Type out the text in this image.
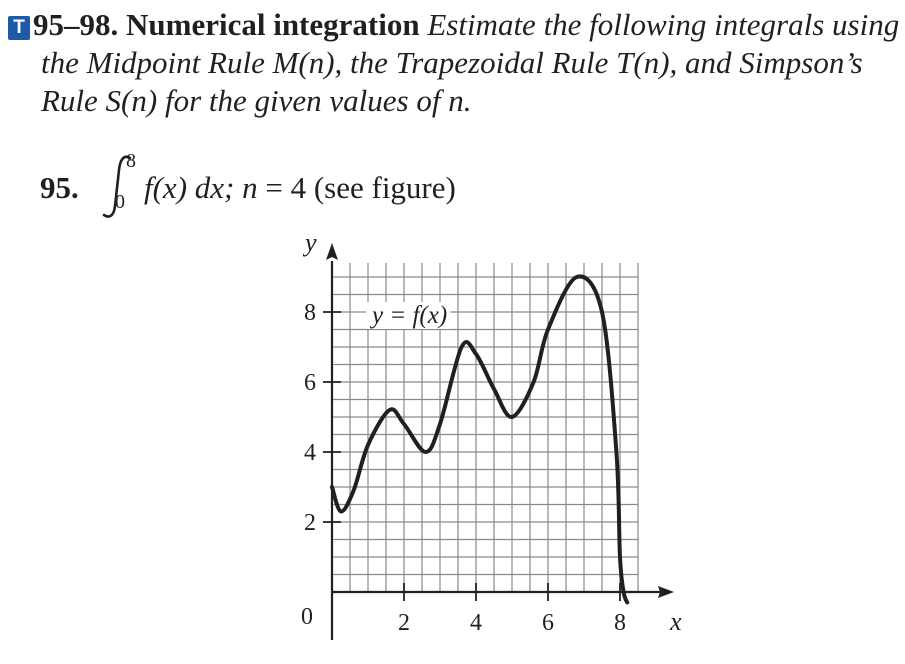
T 95–98. Numerical integration Estimate the following integrals using
the Midpoint Rule M(n), the Trapezoidal Rule T(n), and Simpson’s
Rule S(n) for the given values of n.
95.
8
0 f(x) dx; n = 4 (see figure)
2	4	6	8
2
4
6
8 y = f(x)
x
y
0
